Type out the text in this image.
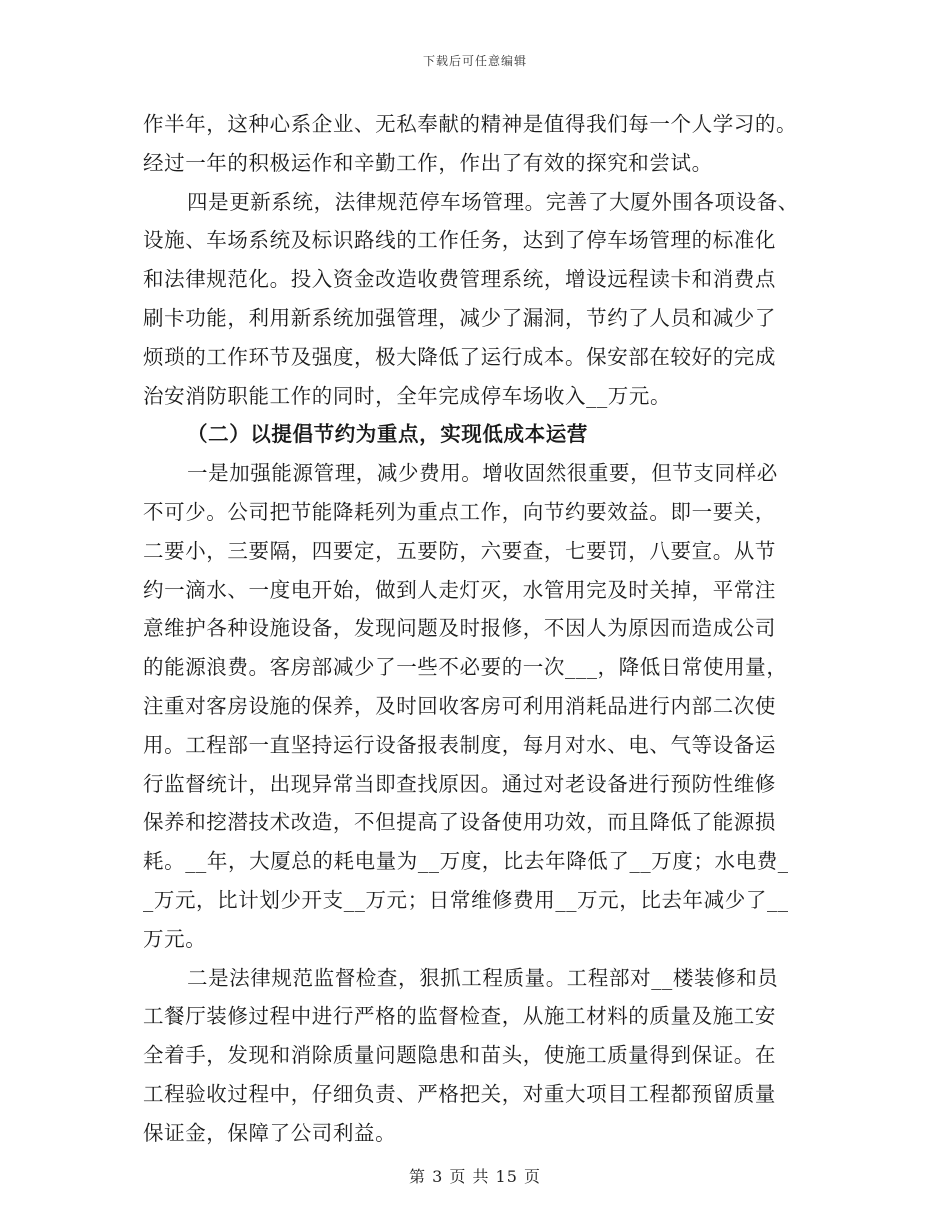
下载后可任意编辑
作半年，这种心系企业、无私奉献的精神是值得我们每一个人学习的。
经过一年的积极运作和辛勤工作，作出了有效的探究和尝试。
四是更新系统，法律规范停车场管理。完善了大厦外围各项设备、
设施、车场系统及标识路线的工作任务，达到了停车场管理的标准化
和法律规范化。投入资金改造收费管理系统，增设远程读卡和消费点
刷卡功能，利用新系统加强管理，减少了漏洞，节约了人员和减少了
烦琐的工作环节及强度，极大降低了运行成本。保安部在较好的完成
治安消防职能工作的同时，全年完成停车场收入__万元。
（二）以提倡节约为重点，实现低成本运营
一是加强能源管理，减少费用。增收固然很重要，但节支同样必
不可少。公司把节能降耗列为重点工作，向节约要效益。即一要关，
二要小，三要隔，四要定，五要防，六要查，七要罚，八要宣。从节
约一滴水、一度电开始，做到人走灯灭，水管用完及时关掉，平常注
意维护各种设施设备，发现问题及时报修，不因人为原因而造成公司
的能源浪费。客房部减少了一些不必要的一次___，降低日常使用量，
注重对客房设施的保养，及时回收客房可利用消耗品进行内部二次使
用。工程部一直坚持运行设备报表制度，每月对水、电、气等设备运
行监督统计，出现异常当即查找原因。通过对老设备进行预防性维修
保养和挖潜技术改造，不但提高了设备使用功效，而且降低了能源损
耗。__年，大厦总的耗电量为__万度，比去年降低了__万度；水电费_
_万元，比计划少开支__万元；日常维修费用__万元，比去年减少了__
万元。
二是法律规范监督检查，狠抓工程质量。工程部对__楼装修和员
工餐厅装修过程中进行严格的监督检查，从施工材料的质量及施工安
全着手，发现和消除质量问题隐患和苗头，使施工质量得到保证。在
工程验收过程中，仔细负责、严格把关，对重大项目工程都预留质量
保证金，保障了公司利益。
第 3 页 共 15 页
